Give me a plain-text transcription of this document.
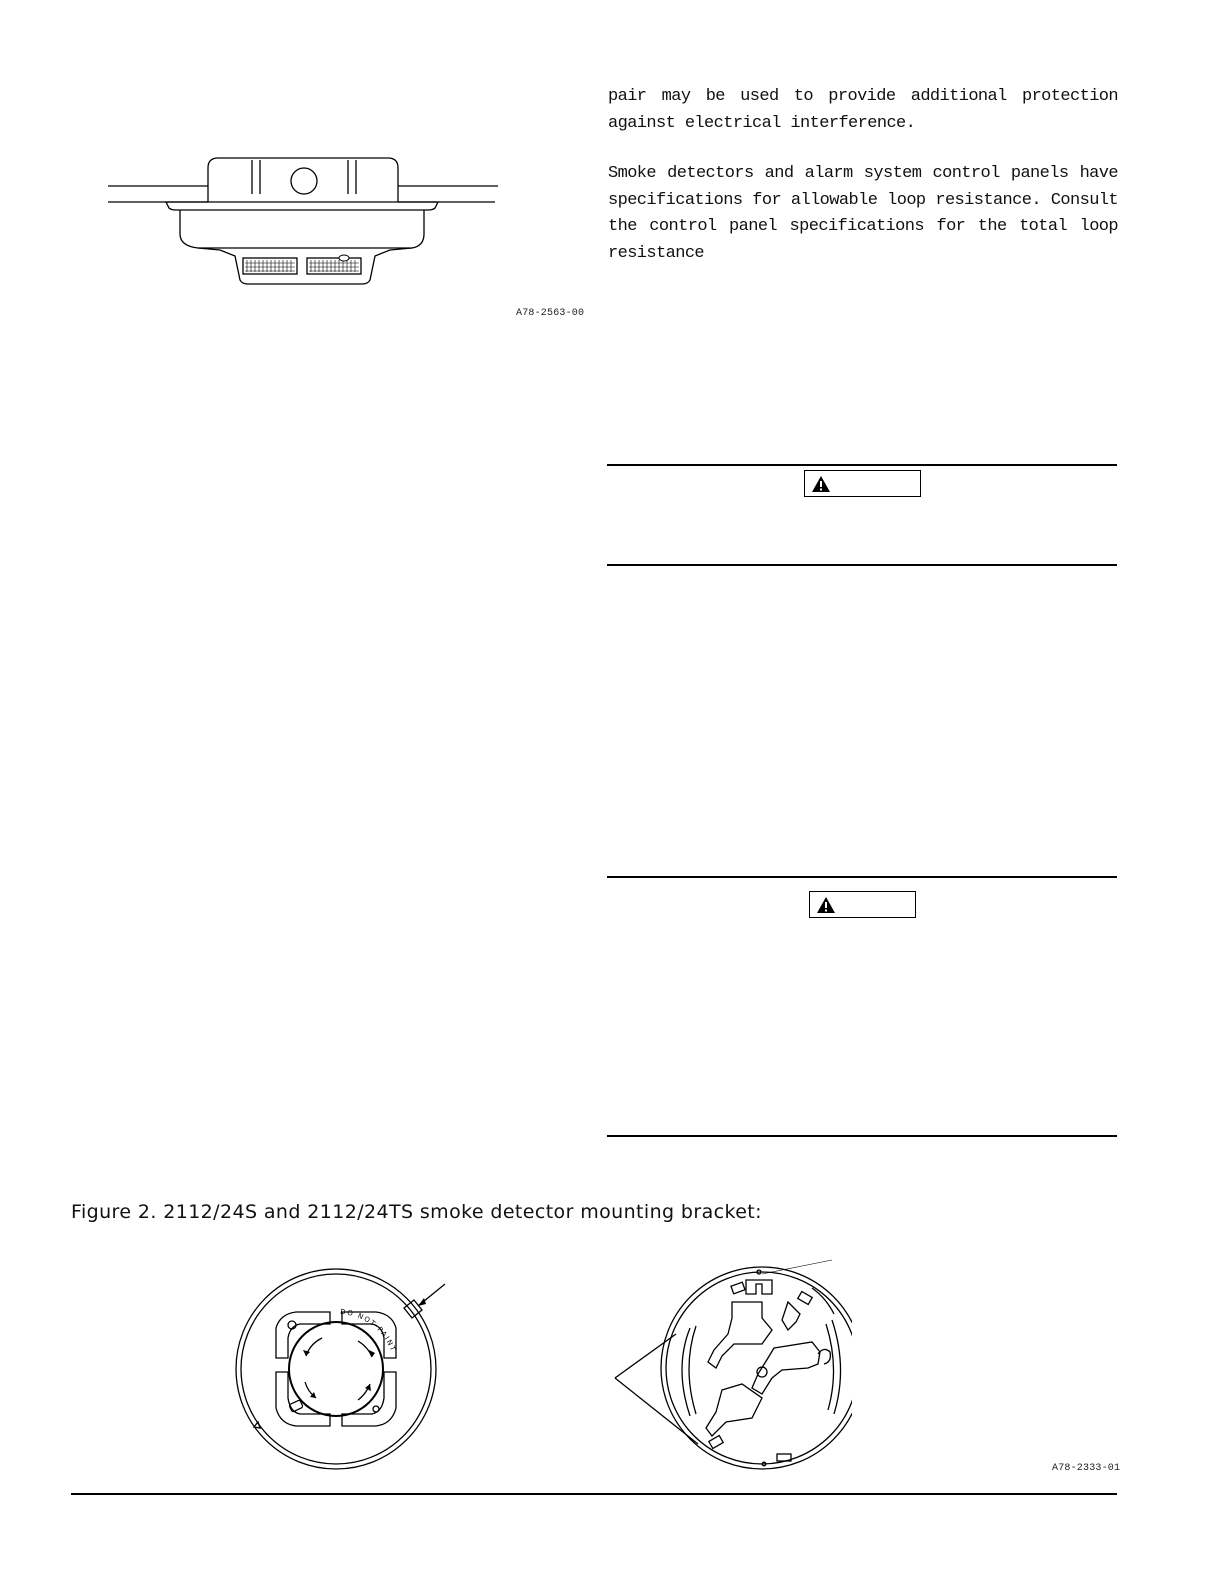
A78-2563-00
pair may be used to provide additional protection against electrical interference.
Smoke detectors and alarm system control panels have specifications for allowable loop resistance. Consult the control panel specifications for the total loop resistance
Figure 2. 2112/24S and 2112/24TS smoke detector mounting bracket:
DO NOT PAINT
A78-2333-01
